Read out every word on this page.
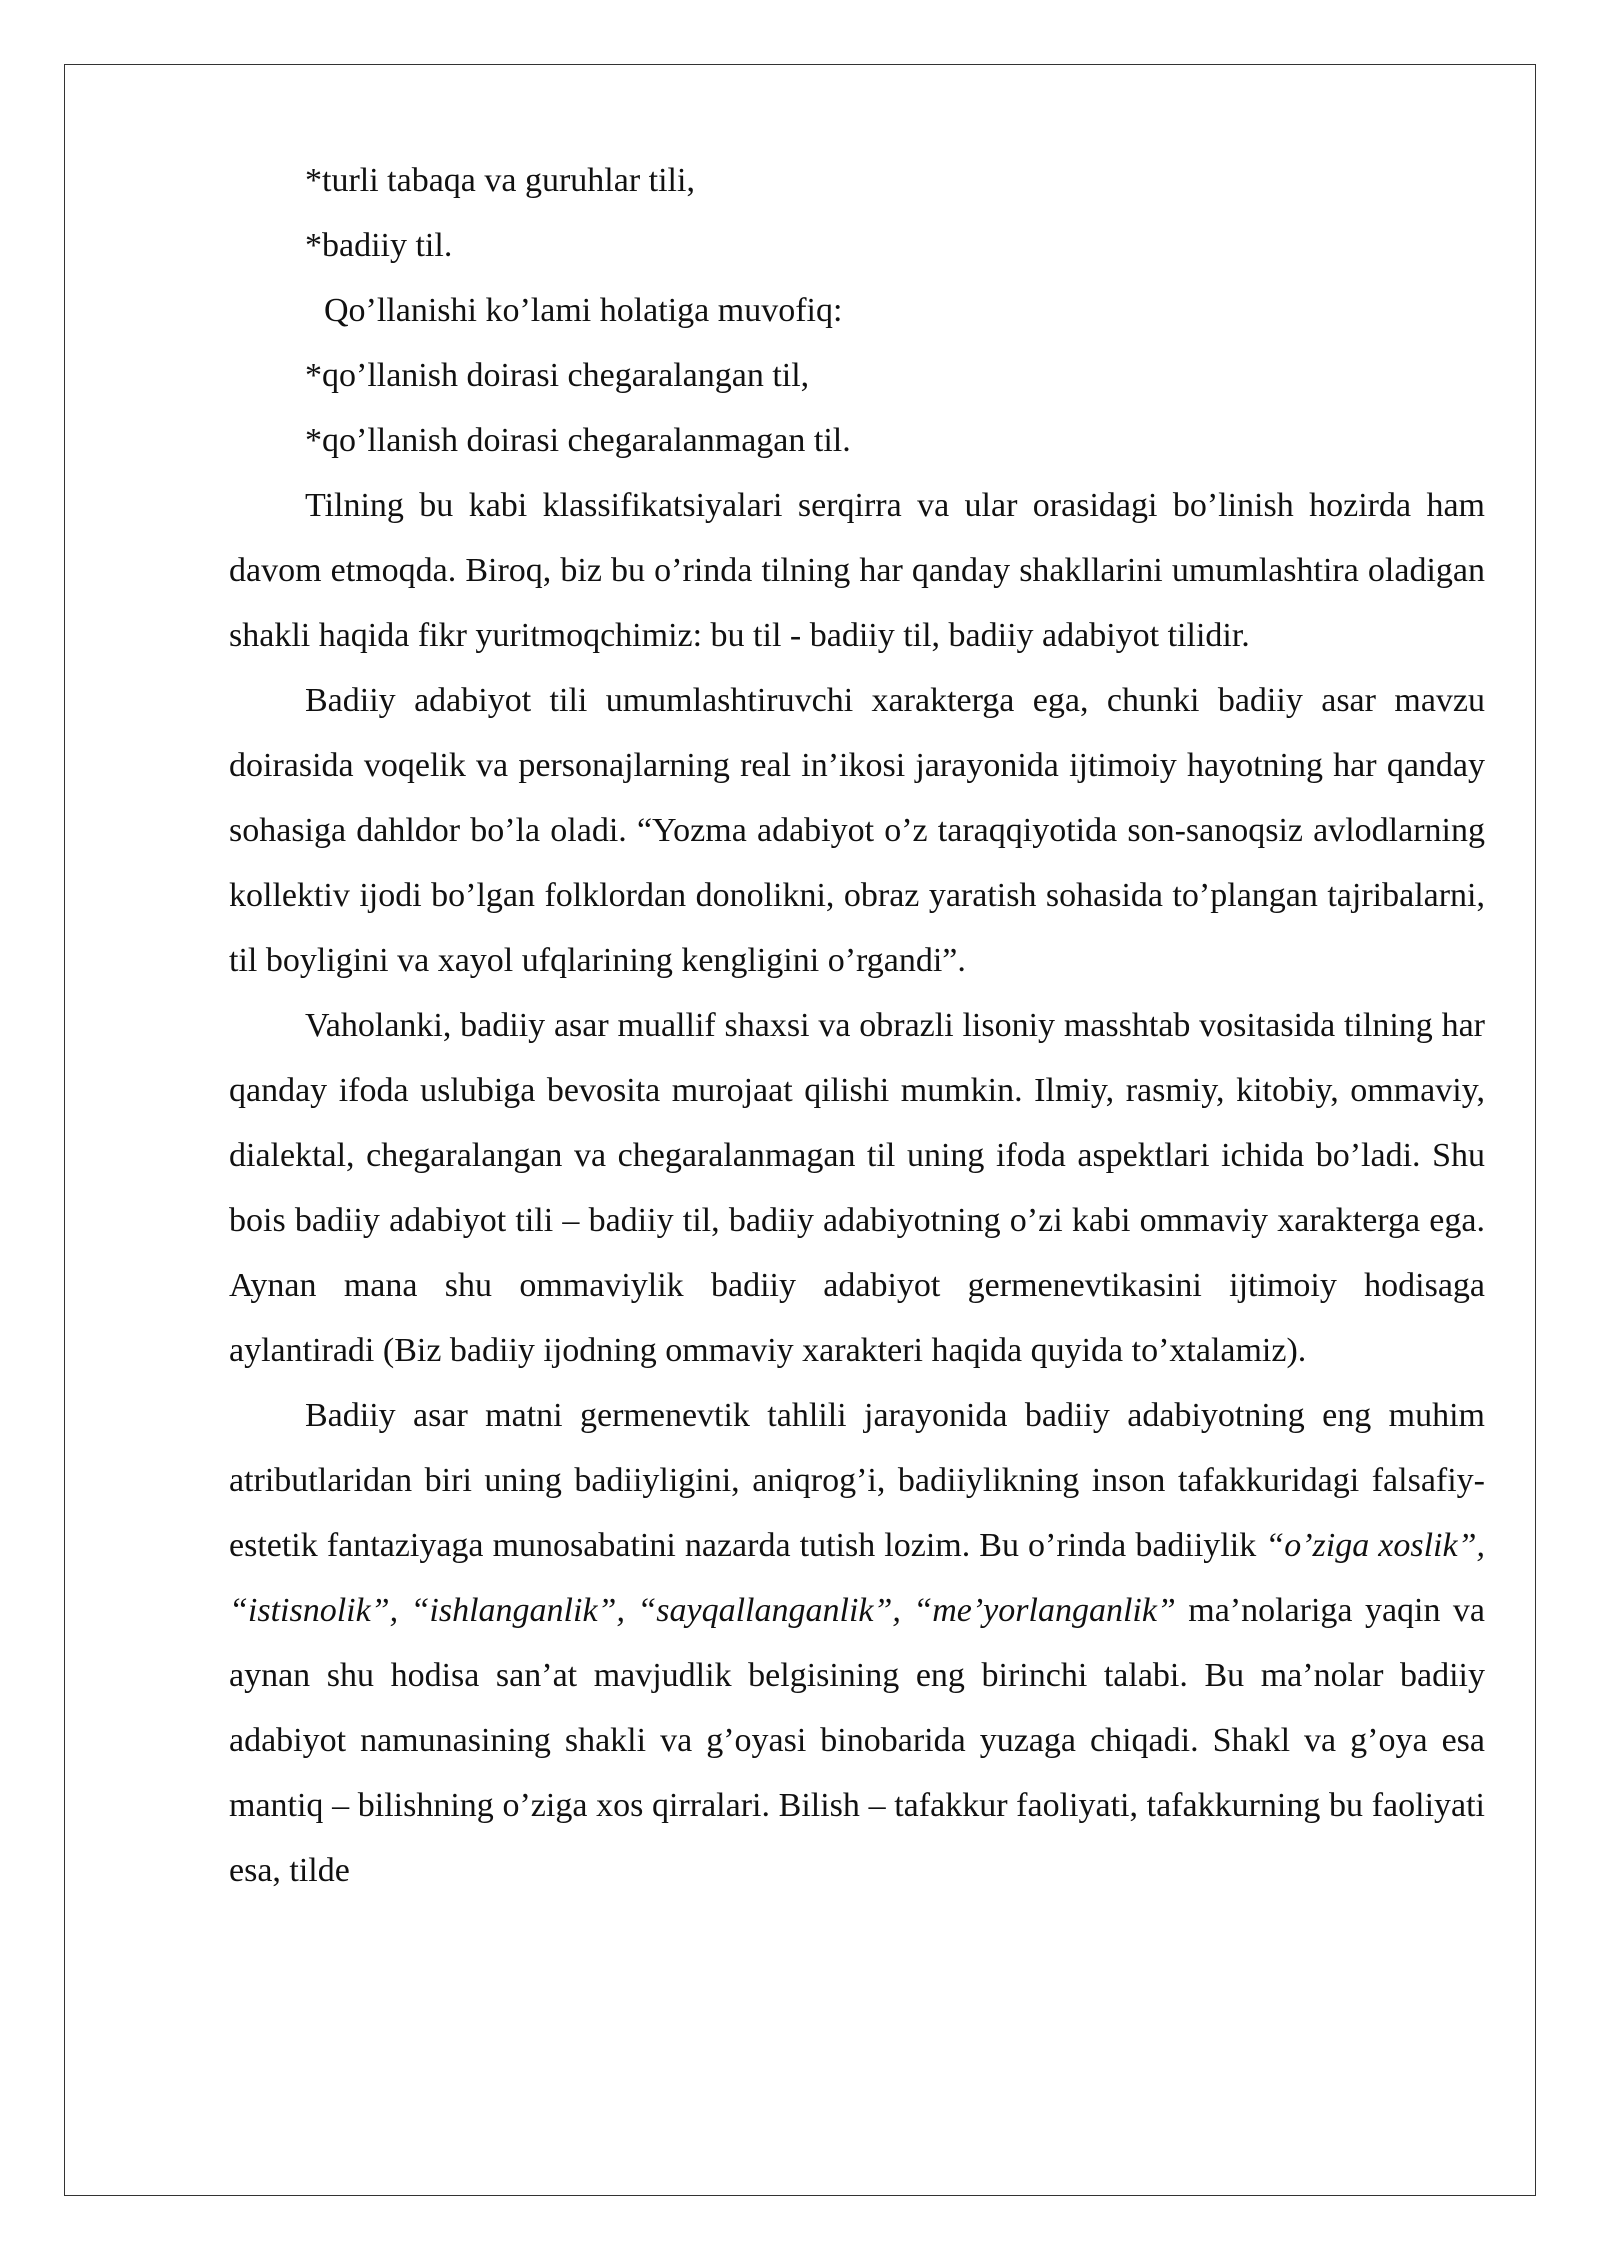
*turli tabaqa va guruhlar tili,

*badiiy til.

Qo’llanishi ko’lami holatiga muvofiq:

*qo’llanish doirasi chegaralangan til,

*qo’llanish doirasi chegaralanmagan til.

Tilning bu kabi klassifikatsiyalari serqirra va ular orasidagi bo’linish hozirda ham davom etmoqda. Biroq, biz bu o’rinda tilning har qanday shakllarini umumlashtira oladigan shakli haqida fikr yuritmoqchimiz: bu til - badiiy til, badiiy adabiyot tilidir.

Badiiy adabiyot tili umumlashtiruvchi xarakterga ega, chunki badiiy asar mavzu doirasida voqelik va personajlarning real in’ikosi jarayonida ijtimoiy hayotning har qanday sohasiga dahldor bo’la oladi. “Yozma adabiyot o’z taraqqiyotida son-sanoqsiz avlodlarning kollektiv ijodi bo’lgan folklordan donolikni, obraz yaratish sohasida to’plangan tajribalarni, til boyligini va xayol ufqlarining kengligini o’rgandi”.

Vaholanki, badiiy asar muallif shaxsi va obrazli lisoniy masshtab vositasida tilning har qanday ifoda uslubiga bevosita murojaat qilishi mumkin. Ilmiy, rasmiy, kitobiy, ommaviy, dialektal, chegaralangan va chegaralanmagan til uning ifoda aspektlari ichida bo’ladi. Shu bois badiiy adabiyot tili – badiiy til, badiiy adabiyotning o’zi kabi ommaviy xarakterga ega. Aynan mana shu ommaviylik badiiy adabiyot germenevtikasini ijtimoiy hodisaga aylantiradi (Biz badiiy ijodning ommaviy xarakteri haqida quyida to’xtalamiz).

Badiiy asar matni germenevtik tahlili jarayonida badiiy adabiyotning eng muhim atributlaridan biri uning badiiyligini, aniqrog’i, badiiylikning inson tafakkuridagi falsafiy-estetik fantaziyaga munosabatini nazarda tutish lozim. Bu o’rinda badiiylik “o’ziga xoslik”, “istisnolik”, “ishlanganlik”, “sayqallanganlik”, “me’yorlanganlik” ma’nolariga yaqin va aynan shu hodisa san’at mavjudlik belgisining eng birinchi talabi. Bu ma’nolar badiiy adabiyot namunasining shakli va g’oyasi binobarida yuzaga chiqadi. Shakl va g’oya esa mantiq – bilishning o’ziga xos qirralari. Bilish – tafakkur faoliyati, tafakkurning bu faoliyati esa, tilde
